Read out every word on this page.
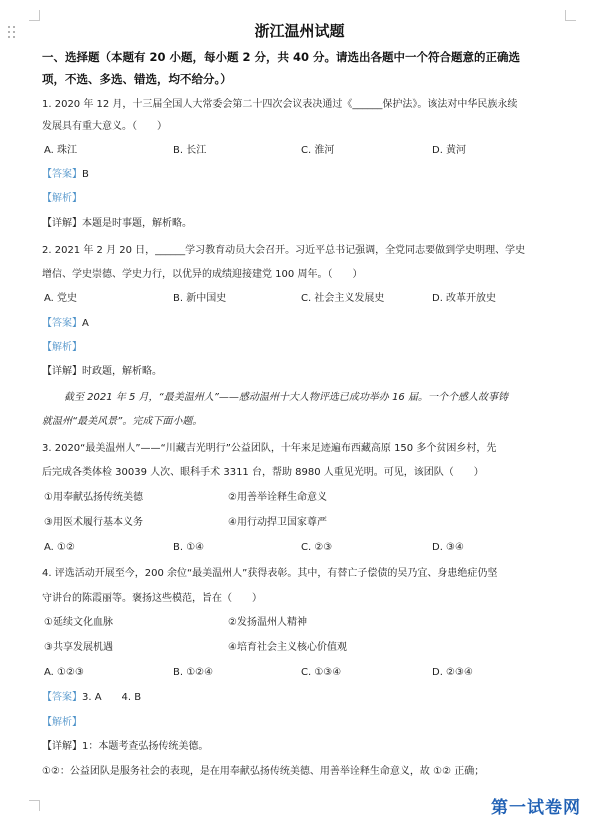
浙江温州试题
一、选择题（本题有 20 小题，每小题 2 分，共 40 分。请选出各题中一个符合题意的正确选
项，不选、多选、错选，均不给分。）
1. 2020 年 12 月，十三届全国人大常委会第二十四次会议表决通过《______保护法》。该法对中华民族永续
发展具有重大意义。（　　）
A. 珠江	B. 长江	C. 淮河	D. 黄河
【答案】B
【解析】
【详解】本题是时事题，解析略。
2. 2021 年 2 月 20 日，______学习教育动员大会召开。习近平总书记强调，全党同志要做到学史明理、学史
增信、学史崇德、学史力行，以优异的成绩迎接建党 100 周年。（　　）
A. 党史	B. 新中国史	C. 社会主义发展史	D. 改革开放史
【答案】A
【解析】
【详解】时政题，解析略。
截至 2021 年 5 月，“最美温州人”——感动温州十大人物评选已成功举办 16 届。一个个感人故事铸
就温州“最美风景”。完成下面小题。
3. 2020“最美温州人”——“川藏吉光明行”公益团队，十年来足迹遍布西藏高原 150 多个贫困乡村，先
后完成各类体检 30039 人次、眼科手术 3311 台，帮助 8980 人重见光明。可见，该团队（　　）
①用奉献弘扬传统美德	②用善举诠释生命意义
③用医术履行基本义务	④用行动捍卫国家尊严
A. ①②	B. ①④	C. ②③	D. ③④
4. 评选活动开展至今，200 余位“最美温州人”获得表彰。其中，有替亡子偿债的吴乃宜、身患绝症仍坚
守讲台的陈霞丽等。褒扬这些模范，旨在（　　）
①延续文化血脉	②发扬温州人精神
③共享发展机遇	④培育社会主义核心价值观
A. ①②③	B. ①②④	C. ①③④	D. ②③④
【答案】3. A　　4. B
【解析】
【详解】1：本题考查弘扬传统美德。
①②：公益团队是服务社会的表现，是在用奉献弘扬传统美德、用善举诠释生命意义，故 ①② 正确；
第一试卷网
